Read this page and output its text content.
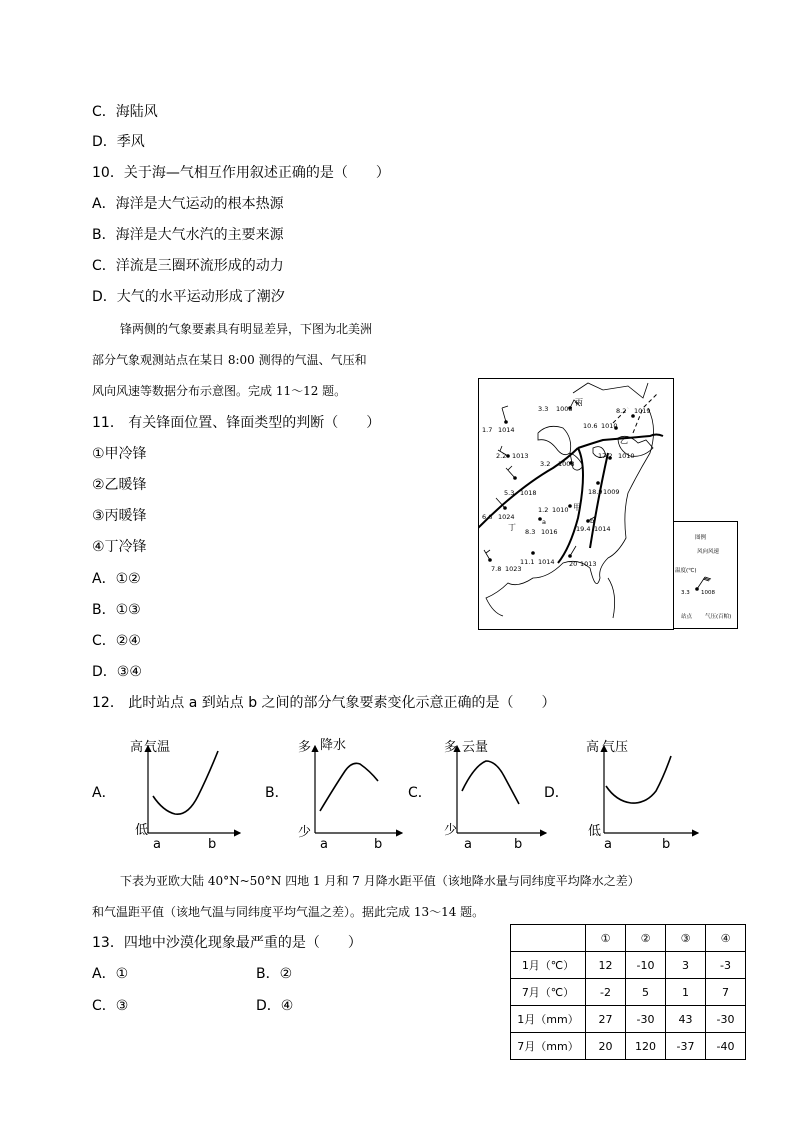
C．海陆风
D．季风
10．关于海—气相互作用叙述正确的是（　　）
A．海洋是大气运动的根本热源
B．海洋是大气水汽的主要来源
C．洋流是三圈环流形成的动力
D．大气的水平运动形成了潮汐
锋两侧的气象要素具有明显差异，下图为北美洲
部分气象观测站点在某日 8:00 测得的气温、气压和
风向风速等数据分布示意图。完成 11～12 题。
11． 有关锋面位置、锋面类型的判断（　　）
①甲冷锋
②乙暖锋
③丙暖锋
④丁冷锋
A．①②
B．①③
C．②④
D．③④
12． 此时站点 a 到站点 b 之间的部分气象要素变化示意正确的是（　　）
1.7 1014
3.3 1008
丙
8.2 1019
10.6 1010
2.2 1013
3.2 1008
17.2 1010
5.3 1018	18.9 1009
6.6 1024
1.2 1010 甲
8.3 1016	19.4 1014
11.1 1014 20 1013
7.8 1023
乙
丁
a	b
图例
风向风速
温度(℃)
3.3 1008
站点 气压(百帕)
A．	B．	C．	D．
高 气温
低
a	b
多 降水
少
a	b
多 云量
少
a	b
高 气压
低
a	b
下表为亚欧大陆 40°N~50°N 四地 1 月和 7 月降水距平值（该地降水量与同纬度平均降水之差）
和气温距平值（该地气温与同纬度平均气温之差）。据此完成 13～14 题。
13．四地中沙漠化现象最严重的是（　　）
A．①	B．②
C．③	D．④
	①	②	③	④
1月（℃）	12	-10	3	-3
7月（℃）	-2	5	1	7
1月（mm）	27	-30	43	-30
7月（mm）	20	120	-37	-40
